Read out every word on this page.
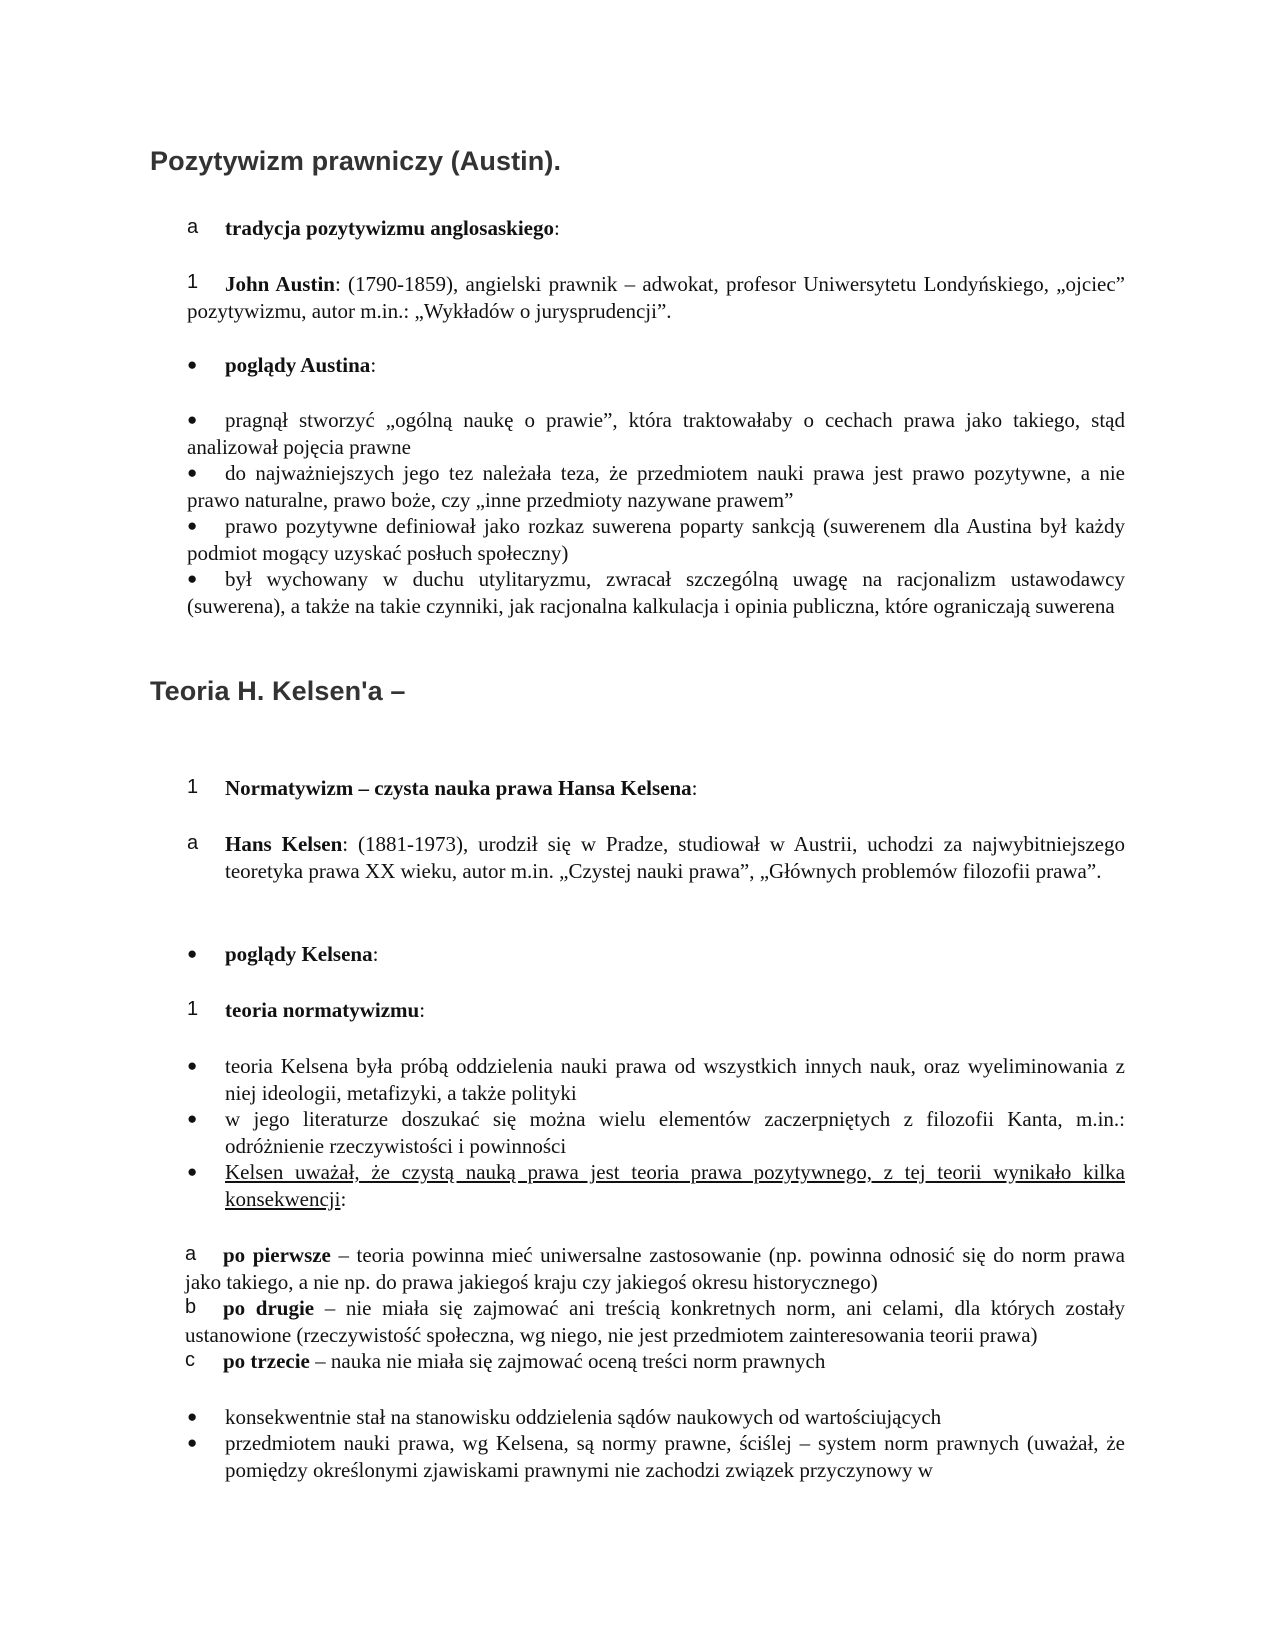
Pozytywizm prawniczy (Austin).
a	tradycja pozytywizmu anglosaskiego:
1	John Austin: (1790-1859), angielski prawnik – adwokat, profesor Uniwersytetu Londyńskiego, „ojciec” pozytywizmu, autor m.in.: „Wykładów o jurysprudencji”.
●	poglądy Austina:
●	pragnął stworzyć „ogólną naukę o prawie”, która traktowałaby o cechach prawa jako takiego, stąd analizował pojęcia prawne
●	do najważniejszych jego tez należała teza, że przedmiotem nauki prawa jest prawo pozytywne, a nie prawo naturalne, prawo boże, czy „inne przedmioty nazywane prawem”
●	prawo pozytywne definiował jako rozkaz suwerena poparty sankcją (suwerenem dla Austina był każdy podmiot mogący uzyskać posłuch społeczny)
●	był wychowany w duchu utylitaryzmu, zwracał szczególną uwagę na racjonalizm ustawodawcy (suwerena), a także na takie czynniki, jak racjonalna kalkulacja i opinia publiczna, które ograniczają suwerena
Teoria H. Kelsen'a –
1	Normatywizm – czysta nauka prawa Hansa Kelsena:
a	Hans Kelsen: (1881-1973), urodził się w Pradze, studiował w Austrii, uchodzi za najwybitniejszego teoretyka prawa XX wieku, autor m.in. „Czystej nauki prawa”, „Głównych problemów filozofii prawa”.
●	poglądy Kelsena:
1	teoria normatywizmu:
●	teoria Kelsena była próbą oddzielenia nauki prawa od wszystkich innych nauk, oraz wyeliminowania z niej ideologii, metafizyki, a także polityki
●	w jego literaturze doszukać się można wielu elementów zaczerpniętych z filozofii Kanta, m.in.: odróżnienie rzeczywistości i powinności
●	Kelsen uważał, że czystą nauką prawa jest teoria prawa pozytywnego, z tej teorii wynikało kilka konsekwencji:
a	po pierwsze – teoria powinna mieć uniwersalne zastosowanie (np. powinna odnosić się do norm prawa jako takiego, a nie np. do prawa jakiegoś kraju czy jakiegoś okresu historycznego)
b	po drugie – nie miała się zajmować ani treścią konkretnych norm, ani celami, dla których zostały ustanowione (rzeczywistość społeczna, wg niego, nie jest przedmiotem zainteresowania teorii prawa)
c	po trzecie – nauka nie miała się zajmować oceną treści norm prawnych
●	konsekwentnie stał na stanowisku oddzielenia sądów naukowych od wartościujących
●	przedmiotem nauki prawa, wg Kelsena, są normy prawne, ściślej – system norm prawnych (uważał, że pomiędzy określonymi zjawiskami prawnymi nie zachodzi związek przyczynowy w
